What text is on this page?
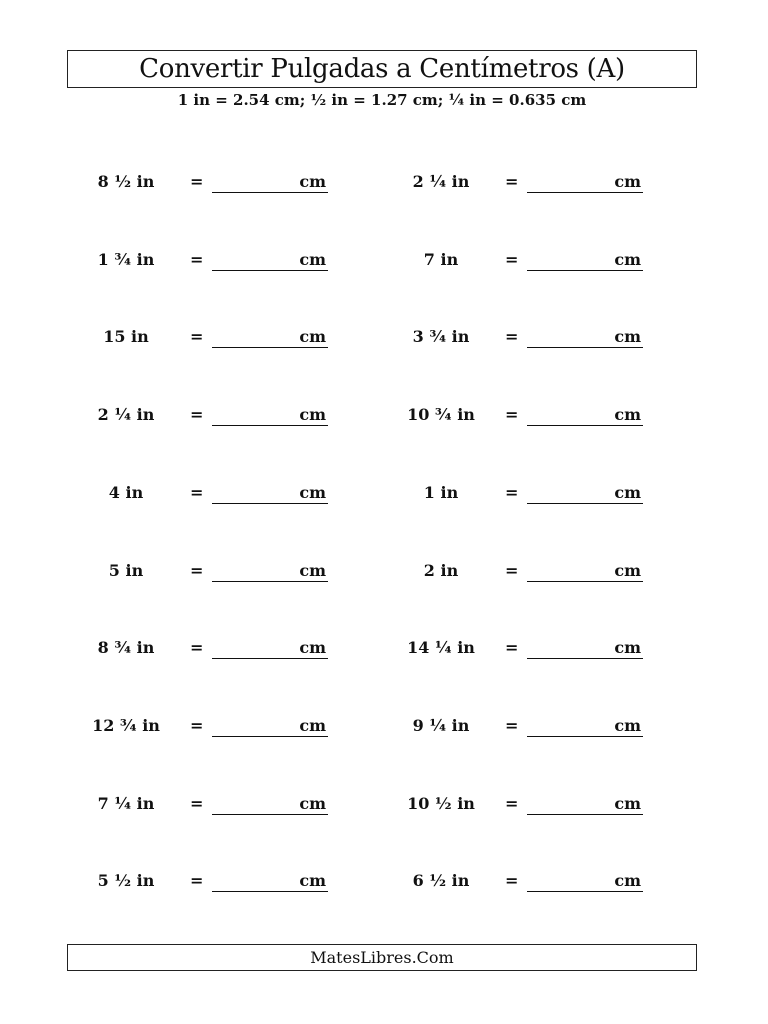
Convertir Pulgadas a Centímetros (A)
1 in = 2.54 cm; ½ in = 1.27 cm; ¼ in = 0.635 cm
8 ½ in	=	cm	2 ¼ in	=	cm
1 ¾ in	=	cm	7 in	=	cm
15 in	=	cm	3 ¾ in	=	cm
2 ¼ in	=	cm	10 ¾ in	=	cm
4 in	=	cm	1 in	=	cm
5 in	=	cm	2 in	=	cm
8 ¾ in	=	cm	14 ¼ in	=	cm
12 ¾ in	=	cm	9 ¼ in	=	cm
7 ¼ in	=	cm	10 ½ in	=	cm
5 ½ in	=	cm	6 ½ in	=	cm
MatesLibres.Com
